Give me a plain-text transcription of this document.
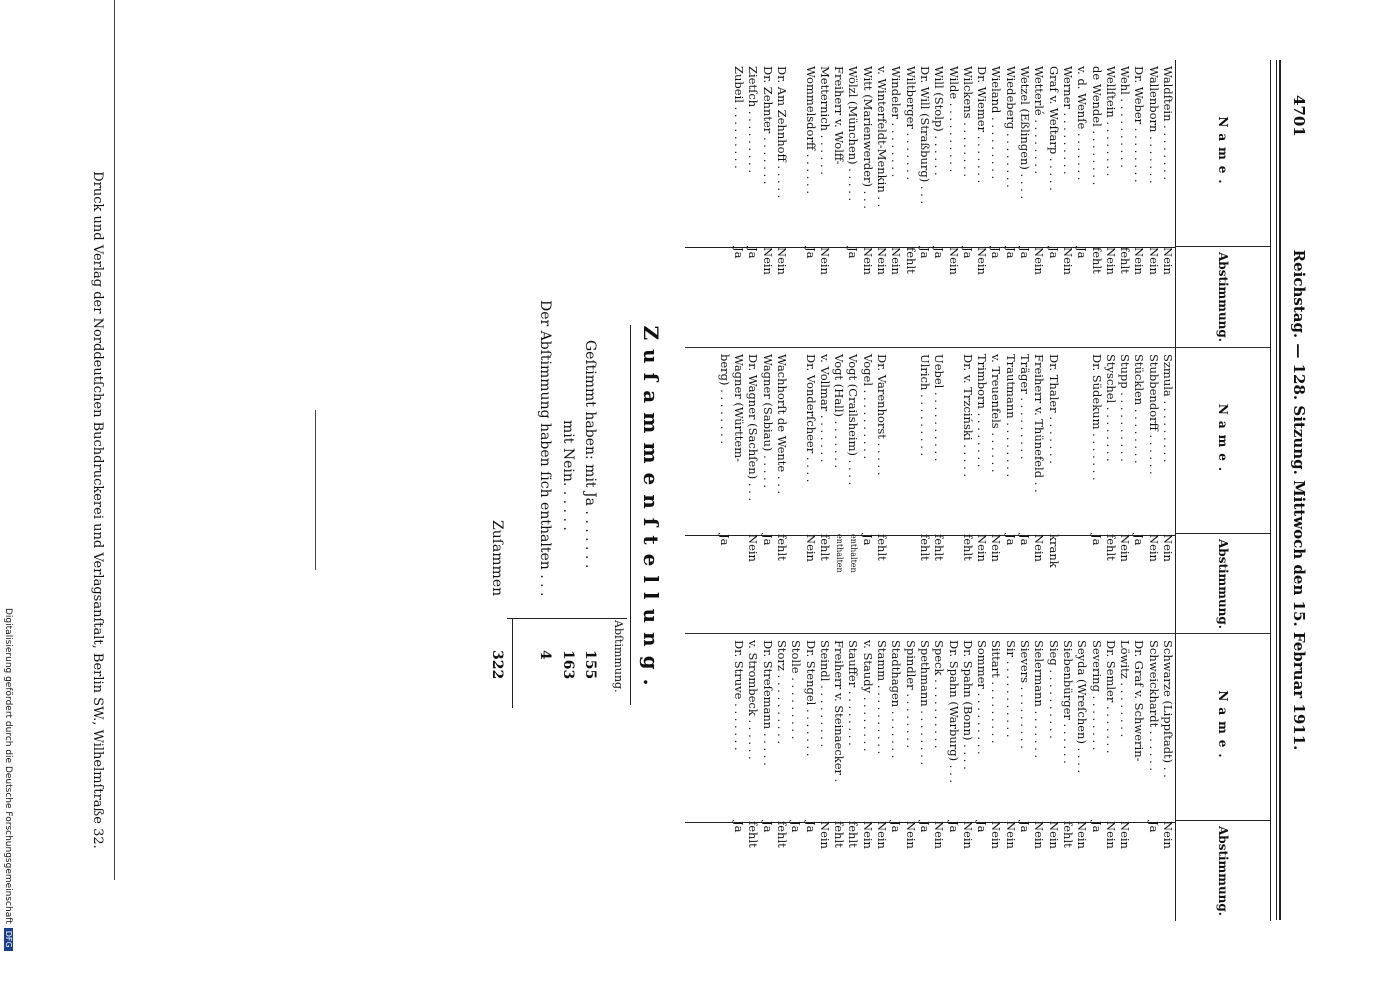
Reichstag. — 128. Sitzung. Mittwoch den 15. Februar 1911.
4701
Name.
Abstimmung.
Waldſtein . . . . . . . .
Nein
Wallenborn . . . . . . .
Nein
Dr. Weber . . . . . . . .
Nein
Wehl . . . . . . . . . .
fehlt
Wellſtein . . . . . . . .
Nein
de Wendel . . . . . . . .
fehlt
v. d. Wenſe . . . . . . .
Ja
Werner . . . . . . . . .
Nein
Graf v. Weſtarp . . . . .
Ja
Wetterlé . . . . . . . .
Nein
Wetzel (Eßlingen) . . . .
Ja
Wiedeberg . . . . . . . .
Ja
Wieland . . . . . . . . .
Ja
Dr. Wiemer . . . . . . .
Nein
Wilckens . . . . . . . .
Ja
Wilde . . . . . . . . . .
Nein
Will (Stolp) . . . . . .
Ja
Dr. Will (Straßburg) . . .
Ja
Wiltberger . . . . . . .
fehlt
Windeler . . . . . . . .
Nein
v. Winterfeldt-Menkin . .
Nein
Witt (Marienwerder) . . .
Nein
Wölzl (München) . . . . .
Ja
Freiherr v. Wolff-
Metternich . . . . . .
Nein
Wommelsdorff . . . . . .
Ja
Dr. Am Zehnhoff . . . . .
Nein
Dr. Zehnter . . . . . . .
Nein
Zietſch . . . . . . . . .
Ja
Zubeil . . . . . . . . .
Ja
Name.
Abstimmung.
Szmula . . . . . . . . .
Nein
Stubbendorff . . . . . .
Nein
Stücklen . . . . . . . .
Ja
Stupp . . . . . . . . . .
Nein
Styschel . . . . . . . .
fehlt
Dr. Südekum . . . . . . .
Ja
Dr. Thaler . . . . . . .
krank
Freiherr v. Thünefeld . .
Nein
Träger . . . . . . . . .
Ja
Trautmann . . . . . . . .
Ja
v. Treuenfels . . . . . .
Nein
Trimborn . . . . . . . .
Nein
Dr. v. Trzciński . . . . .
fehlt
Uebel . . . . . . . . . .
fehlt
Ulrich . . . . . . . . .
fehlt
Dr. Varenhorst . . . . .
fehlt
Vogel . . . . . . . . . .
Ja
Vogt (Crailsheim) . . . .
enthalten
Vogt (Hall) . . . . . . .
enthalten
v. Vollmar . . . . . . .
fehlt
Dr. Vonderſcheer . . . .
Nein
Wachhorſt de Wente . . .
fehlt
Wagner (Sabiau) . . . . .
Ja
Dr. Wagner (Sachſen) . . .
Nein
Wagner (Württem-
berg) . . . . . . . .
Ja
Name.
Abstimmung.
Schwarze (Lippſtadt) . .
Nein
Schweickhardt . . . . . .
Ja
Dr. Graf v. Schwerin-
Löwitz . . . . . . . .
Nein
Dr. Semler . . . . . . .
Nein
Severing . . . . . . . .
Ja
Seyda (Wreſchen) . . . .
Nein
Siebenbürger . . . . . .
fehlt
Sieg . . . . . . . . . .
Nein
Sielermann . . . . . . .
Nein
Sievers . . . . . . . . .
Ja
Sir . . . . . . . . . . .
Nein
Sittart . . . . . . . . .
Nein
Sommer . . . . . . . . .
Ja
Dr. Spahn (Bonn) . . . .
Nein
Dr. Spahn (Warburg) . . .
Ja
Speck . . . . . . . . . .
Nein
Spethmann . . . . . . . .
Ja
Spindler . . . . . . . .
Nein
Stadthagen . . . . . . .
Ja
Stamm . . . . . . . . . .
Nein
v. Staudy . . . . . . . .
Nein
Stauffer . . . . . . . .
fehlt
Freiherr v. Steinaecker .
fehlt
Steindl . . . . . . . . .
Nein
Dr. Stengel . . . . . . .
Ja
Stolle . . . . . . . . .
Ja
Storz . . . . . . . . . .
fehlt
Dr. Streſemann . . . . .
Ja
v. Strombeck . . . . . .
fehlt
Dr. Struve . . . . . . .
Ja
Zuſammenſtellung.
Abſtimmung.
Geſtimmt haben: mit Ja . . . . . . .
155
mit Nein. . . . . .
163
Der Abſtimmung haben ſich enthalten . . .
4
Zuſammen
322
Druck und Verlag der Norddeutſchen Buchdruckerei und Verlagsanſtalt, Berlin SW., Wilhelmſtraße 32.
Digitalisierung gefördert durch die Deutsche ForschungsgemeinschaftDFG
